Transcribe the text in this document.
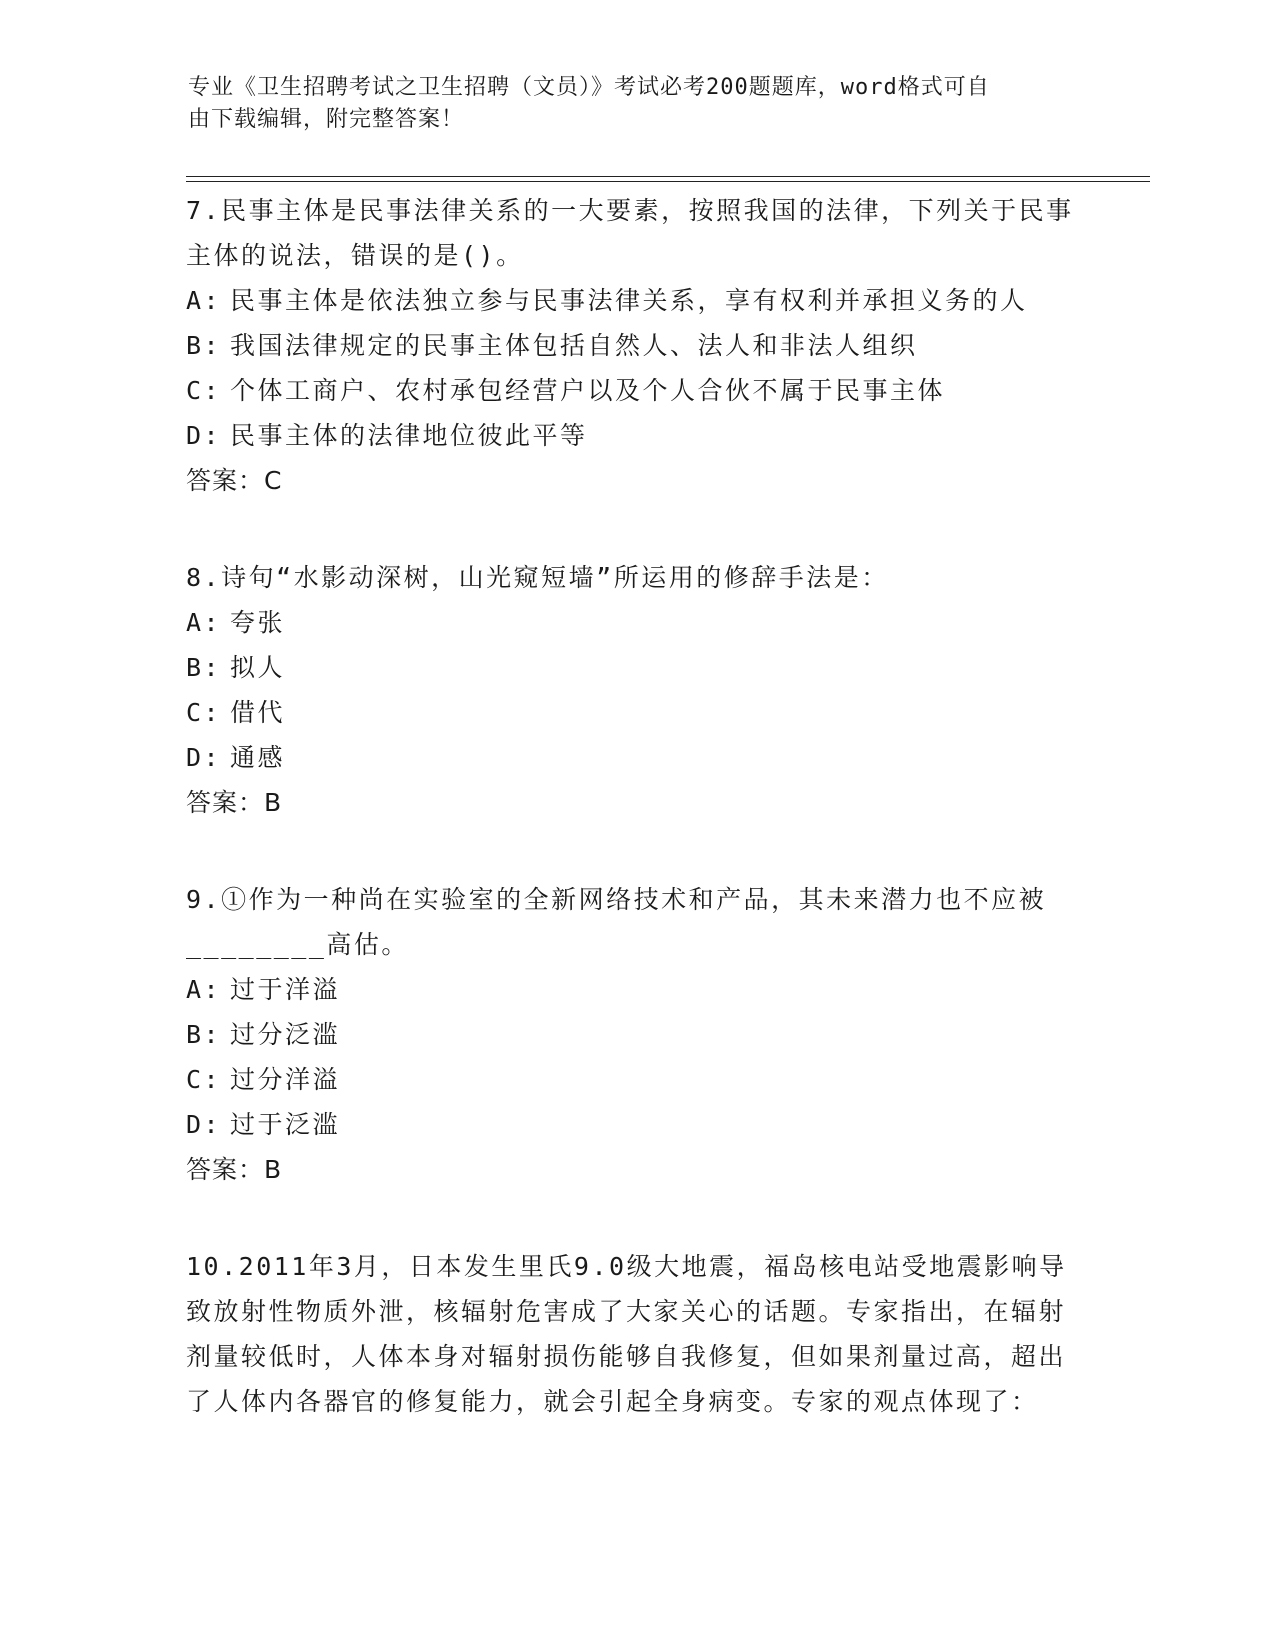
专业《卫生招聘考试之卫生招聘（文员）》考试必考200题题库，word格式可自
由下载编辑，附完整答案！

7.民事主体是民事法律关系的一大要素，按照我国的法律，下列关于民事主体的说法，错误的是()。

A: 民事主体是依法独立参与民事法律关系，享有权利并承担义务的人
B: 我国法律规定的民事主体包括自然人、法人和非法人组织
C: 个体工商户、农村承包经营户以及个人合伙不属于民事主体
D: 民事主体的法律地位彼此平等

答案：C

8.诗句“水影动深树，山光窥短墙”所运用的修辞手法是：

A: 夸张
B: 拟人
C: 借代
D: 通感

答案：B

9.①作为一种尚在实验室的全新网络技术和产品，其未来潜力也不应被________高估。

A: 过于洋溢
B: 过分泛滥
C: 过分洋溢
D: 过于泛滥

答案：B

10.2011年3月，日本发生里氏9.0级大地震，福岛核电站受地震影响导致放射性物质外泄，核辐射危害成了大家关心的话题。专家指出，在辐射剂量较低时，人体本身对辐射损伤能够自我修复，但如果剂量过高，超出了人体内各器官的修复能力，就会引起全身病变。专家的观点体现了：
